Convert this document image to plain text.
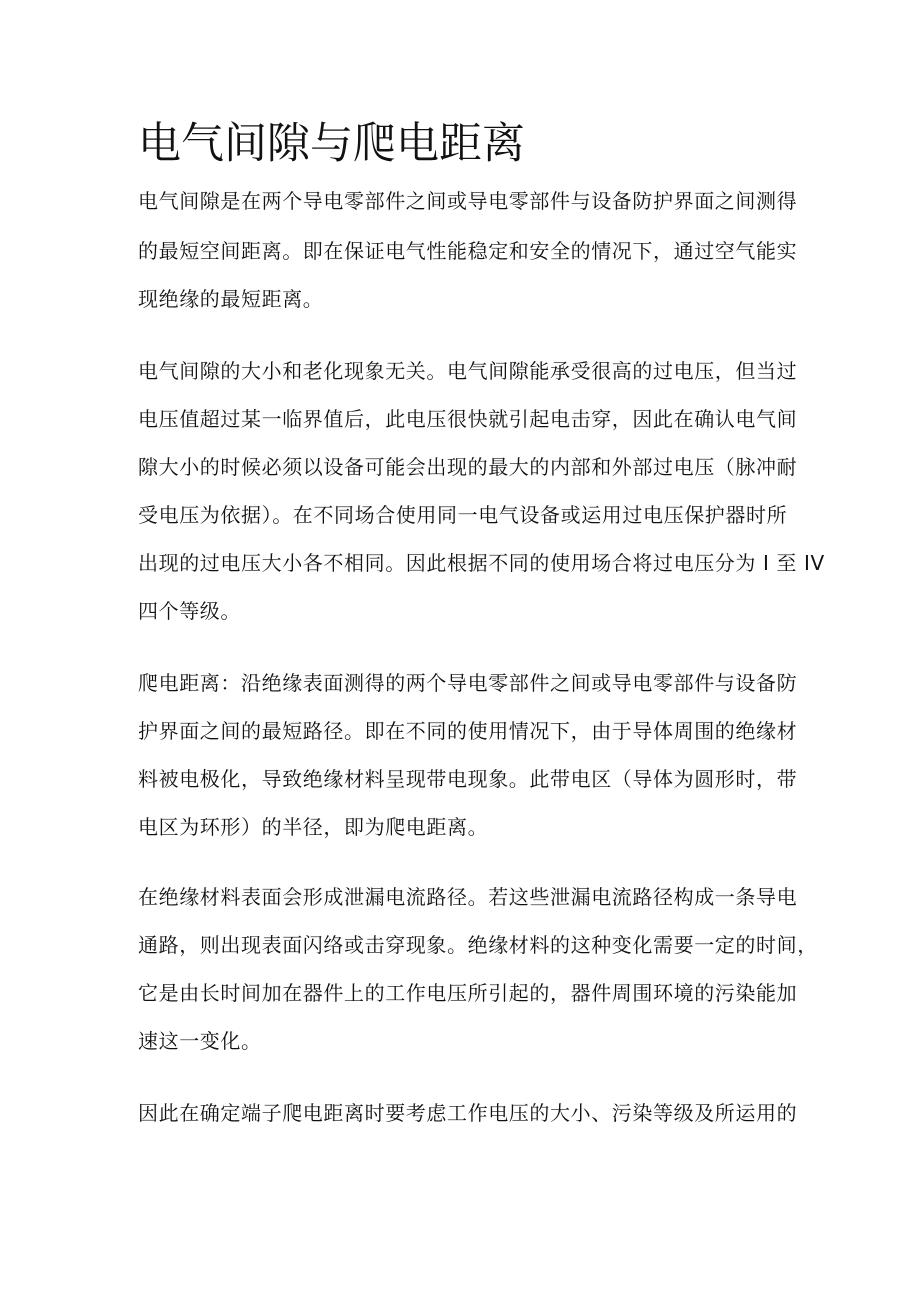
电气间隙与爬电距离

电气间隙是在两个导电零部件之间或导电零部件与设备防护界面之间测得

的最短空间距离。即在保证电气性能稳定和安全的情况下，通过空气能实

现绝缘的最短距离。

电气间隙的大小和老化现象无关。电气间隙能承受很高的过电压，但当过

电压值超过某一临界值后，此电压很快就引起电击穿，因此在确认电气间

隙大小的时候必须以设备可能会出现的最大的内部和外部过电压（脉冲耐

受电压为依据）。在不同场合使用同一电气设备或运用过电压保护器时所

出现的过电压大小各不相同。因此根据不同的使用场合将过电压分为 I 至 IV

四个等级。

爬电距离：沿绝缘表面测得的两个导电零部件之间或导电零部件与设备防

护界面之间的最短路径。即在不同的使用情况下，由于导体周围的绝缘材

料被电极化，导致绝缘材料呈现带电现象。此带电区（导体为圆形时，带

电区为环形）的半径，即为爬电距离。

在绝缘材料表面会形成泄漏电流路径。若这些泄漏电流路径构成一条导电

通路，则出现表面闪络或击穿现象。绝缘材料的这种变化需要一定的时间，

它是由长时间加在器件上的工作电压所引起的，器件周围环境的污染能加

速这一变化。

因此在确定端子爬电距离时要考虑工作电压的大小、污染等级及所运用的
